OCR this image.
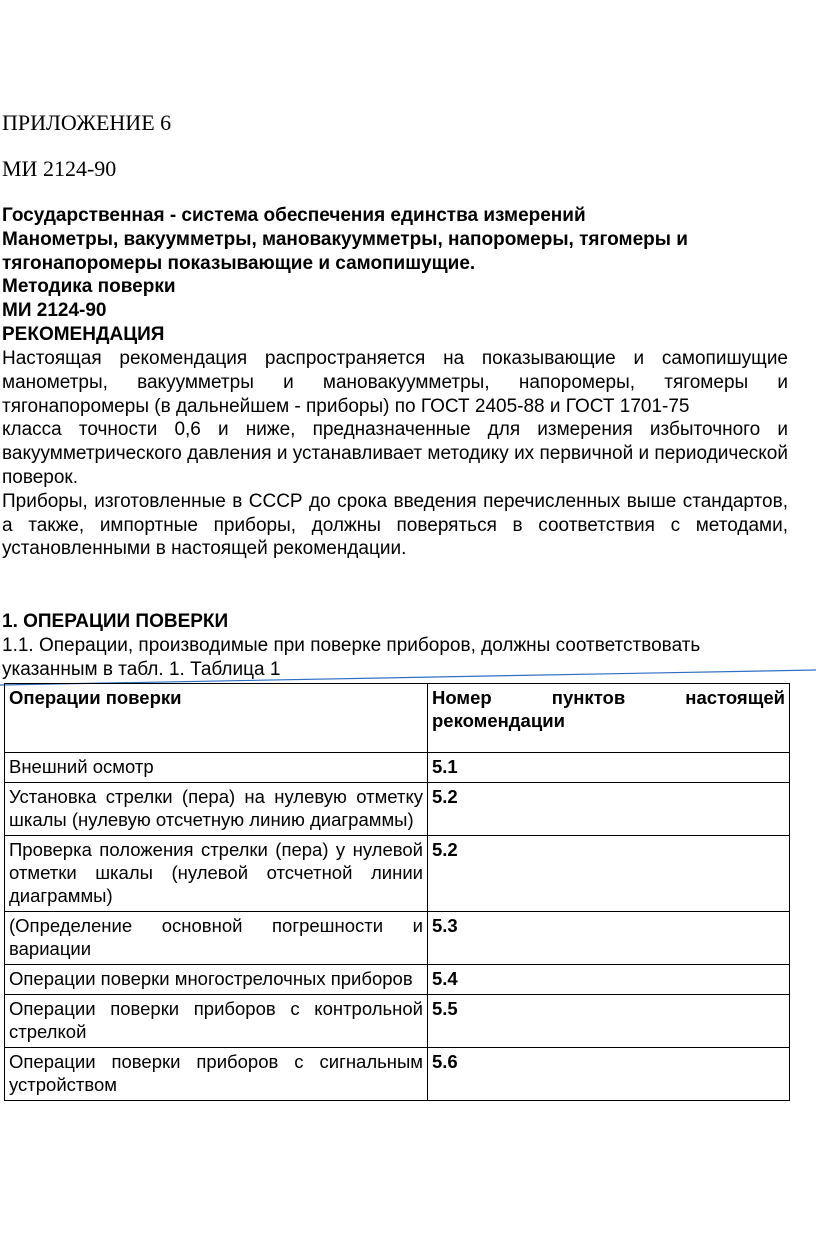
ПРИЛОЖЕНИЕ 6
МИ 2124-90
Государственная - система обеспечения единства измерений
Манометры, вакуумметры, мановакуумметры, напоромеры, тягомеры и
тягонапоромеры показывающие и самопишущие.
Методика поверки
МИ 2124-90
РЕКОМЕНДАЦИЯ

Настоящая рекомендация распространяется на показывающие и самопишущие манометры, вакуумметры и мановакуумметры, напоромеры, тягомеры и тягонапоромеры (в дальнейшем - приборы) по ГОСТ 2405-88 и ГОСТ 1701-75

класса точности 0,6 и ниже, предназначенные для измерения избыточного и вакуумметрического давления и устанавливает методику их первичной и периодической поверок.

Приборы, изготовленные в СССР до срока введения перечисленных выше стандартов, а также, импортные приборы, должны поверяться в соответствия с методами, установленными в настоящей рекомендации.

1. ОПЕРАЦИИ ПОВЕРКИ
1.1. Операции, производимые при поверке приборов, должны соответствовать указанным в табл. 1. Таблица 1
Операции поверки	Номер пунктов настоящей рекомендации
Внешний осмотр	5.1
Установка стрелки (пера) на нулевую отметку шкалы (нулевую отсчетную линию диаграммы)	5.2
Проверка положения стрелки (пера) у нулевой отметки шкалы (нулевой отсчетной линии диаграммы)	5.2
(Определение основной погрешности и вариации	5.3
Операции поверки многострелочных приборов	5.4
Операции поверки приборов с контрольной стрелкой	5.5
Операции поверки приборов с сигнальным устройством	5.6
